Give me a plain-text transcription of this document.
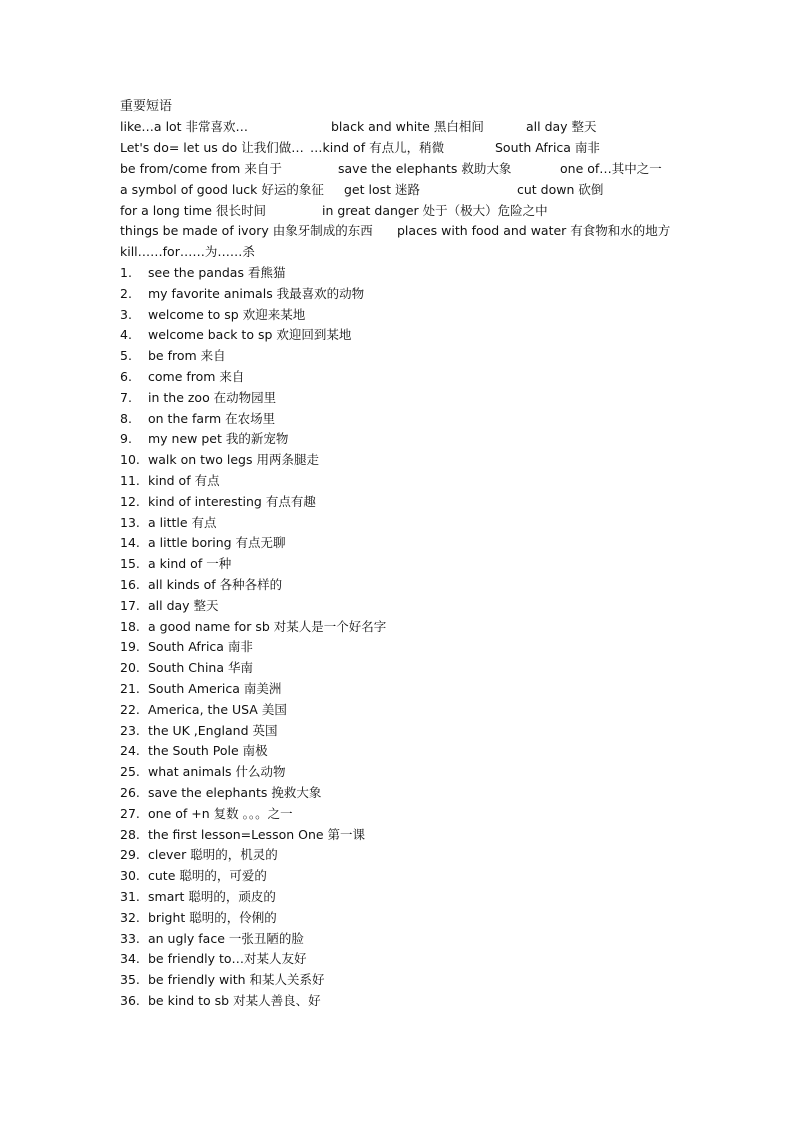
重要短语
like…a lot 非常喜欢…	black and white 黑白相间	all day 整天
Let's do= let us do 让我们做… …kind of 有点儿，稍微	South Africa 南非
be from/come from 来自于	save the elephants 救助大象	one of…其中之一
a symbol of good luck 好运的象征 get lost 迷路	cut down 砍倒
for a long time 很长时间	in great danger 处于（极大）危险之中
things be made of ivory 由象牙制成的东西 places with food and water 有食物和水的地方
kill……for……为……杀
1. see the pandas 看熊猫
2. my favorite animals 我最喜欢的动物
3. welcome to sp 欢迎来某地
4. welcome back to sp 欢迎回到某地
5. be from 来自
6. come from 来自
7. in the zoo 在动物园里
8. on the farm 在农场里
9. my new pet 我的新宠物
10. walk on two legs 用两条腿走
11. kind of 有点
12. kind of interesting 有点有趣
13. a little 有点
14. a little boring 有点无聊
15. a kind of 一种
16. all kinds of 各种各样的
17. all day 整天
18. a good name for sb 对某人是一个好名字
19. South Africa 南非
20. South China 华南
21. South America 南美洲
22. America, the USA 美国
23. the UK ,England 英国
24. the South Pole 南极
25. what animals 什么动物
26. save the elephants 挽救大象
27. one of +n 复数 。。。之一
28. the first lesson=Lesson One 第一课
29. clever 聪明的，机灵的
30. cute 聪明的，可爱的
31. smart 聪明的，顽皮的
32. bright 聪明的，伶俐的
33. an ugly face 一张丑陋的脸
34. be friendly to…对某人友好
35. be friendly with 和某人关系好
36. be kind to sb 对某人善良、好
